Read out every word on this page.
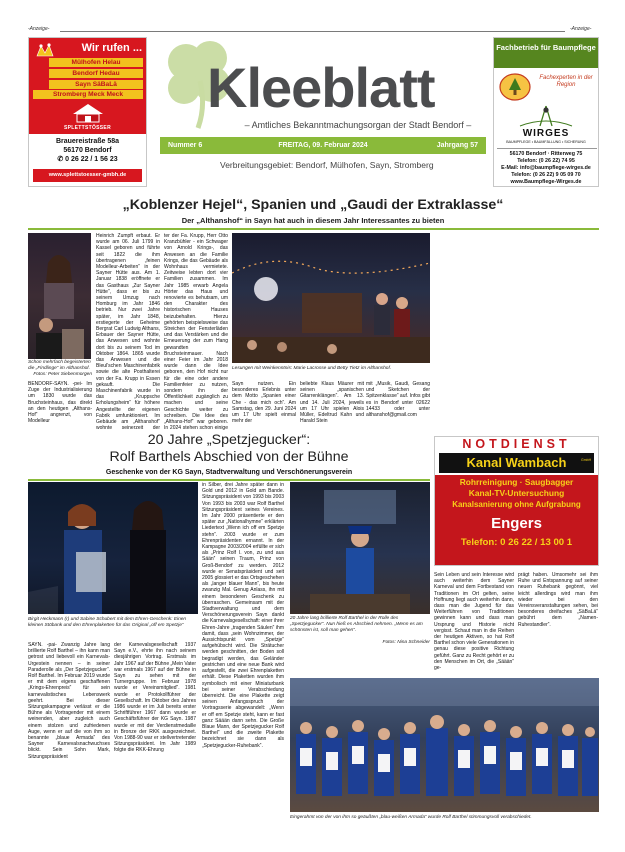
-Anzeige-	-Anzeige-
Wir rufen ...
Mülhofen Helau
Bendorf Hedau
Sayn SäBaLä
Stromberg Meck Meck
SPLETTSTÖSSER
Brauereistraße 58a
56170 Bendorf
✆ 0 26 22 / 1 56 23
www.splettstoesser-gmbh.de
Kleeblatt
– Amtliches Bekanntmachungsorgan der Stadt Bendorf –
Nummer 6	FREITAG, 09. Februar 2024	Jahrgang 57
Verbreitungsgebiet: Bendorf, Mülhofen, Sayn, Stromberg
Fachbetrieb für Baumpflege
Fachexperten in der Region
WIRGES
BAUMPFLEGE • BAUMFÄLLUNG • SICHERUNG
56170 Bendorf · Ritterweg 75
Telefon: (0 26 22) 74 95
E-Mail: info@baumpflege-wirges.de
Telefon: (0 26 22) 9 05 09 70
www.Baumpflege-Wirges.de
„Koblenzer Hejel“, Spanien und „Gaudi der Extraklasse“
Der „Althanshof“ in Sayn hat auch in diesem Jahr Interessantes zu bieten
Schon mehrfach begeisterten die „Findlinge“ im Althanshof.
Fotos: Peter Siebenmorgen
BENDORF-SAYN. -pei- Im Zuge der Industrialisierung um 1830 wurde das Bruchsteinhaus, das direkt an den heutigen „Althans-Hof“ angrenzt, von Modelleur
Heinrich Zumpft erbaut. Er wurde am 06. Juli 1799 in Kassel geboren und führte seit 1822 die ihm übertragenen „feinen Modelleur-Arbeiten“ in der Sayner Hütte aus. Am 1. Januar 1838 eröffnete er das Gasthaus „Zur Sayner Hütte“, dass er bis zu seinem Umzug nach Homburg im Jahr 1846 betrieb. Nur zwei Jahre später, im Jahr 1848, erstiegerte der Geheime Bergrat Carl Ludwig Althans, Erbauer der Sayner Hütte, das Anwesen und wohnte dort bis zu seinem Tod im Oktober 1864. 1865 wurde das Anwesen und die Bleul’schen Maschinenfabrik sowie die alte Posthalterei von der Fa. Krupp in Essen gekauft. Die Maschinenfabrik wurde in das „Kruppsche Erholungsheim“ für höhere Angestellte der eigenen Fabrik umfunktioniert. Im Gebäude am „Althanshof“ wohnte seinerzeit der
ter der Fa. Krupp, Herr Otto Kranzbühler - ein Schwager von Arnold Krings-, das Anwesen an die Familie Krings, die das Gebäude als Wohnhaus vermietete. Zeitweise lebten dort vier Familien zusammen. Im Jahr 1985 erwarb Angela Hörter das Haus und renovierte es behutsam, um den Charakter des historischen Hauses beizubehalten. Hierzu gehörten beispielsweise das Streichen der Fensterläden und das Verstärken und die Erneuerung der zum Hang gewandten Bruchsteinmauer. Nach einer Feier im Jahr 2018 wurde dann die Idee geboren, den Hof nicht nur für die eine oder andere Familienfeier zu nutzen, sondern ihn der Öffentlichkeit zugänglich zu machen und seine Geschichte weiter zu schreiben. Die Idee des „Althans-Hof“ war geboren. In 2024 stehen schon einige
Lesungen mit Weinkenntnis: Marie Lacrosse und Betty Tietz im Althanshof.
Sayn nutzen. Ein besonderes Erlebnis unter dem Motto „Spanien einer Che - das mich och“. Am Samstag, den 29. Juni 2024 um 17 Uhr spielt einmal mehr der
beliebte Klaus Mäurer mit seinen „spanischen Gitarrenklängen“. Am 13. und 14. Juli 2024, jeweils um 17 Uhr spielen Alois Müller, Edeltrud Kahn und Harald Stein
mit „Musik, Gaudi, Gesang und Sketchen der Spitzenklasse“ auf. Infos gibt es in Bendorf unter 02622 14433 oder unter althanshof@gmail.com
NOTDIENST
Kanal Wambach	GmbH
Rohrreinigung · Saugbagger
Kanal-TV-Untersuchung
Kanalsanierung ohne Aufgrabung
Engers
Telefon: 0 26 22 / 13 00 1
20 Jahre „Spetzjegucker“:
Rolf Barthels Abschied von der Bühne
Geschenke von der KG Sayn, Stadtverwaltung und Verschönerungsverein
Birgit Heckmann (r) und Sabine Schubert mit dem Ehren-Geschenk: Einen kleinen Stöbank und den Ehrenplaketten für das Original „off em Spetzje“
SAYN. -pai- Zwanzig Jahre lang brillierte Rolf Barthel – ihn kann man getrost und liebevoll ein Karnevals-Urgestein nennen – in seiner Paraderolle als „Der Spetzjegucker“. Rolf Barthel. Im Februar 2019 wurde er mit dem eigens geschaffenen „Krings-Ehrenpreis“ für sein karnevalistisches Lebenswerk geehrt. Bei dieser Sitzungskampagne verlässt er die Bühne als Vortragender mit einem weinenden, aber zugleich auch einem stolzen und zufriedenen Auge, wenn er auf die von ihm so benannte „blaue Armada“ des Sayner Karnevalsnachwuchses blickt. Sein Sohn Mark, Sitzungspräsident
der Karnevalsgesellschaft 1937 Sayn e.V., ehrte ihn nach seinem diesjährigen Vortrag. Erstmals im Jahr 1967 auf der Bühne „Mein Vater war erstmals 1967 auf der Bühne in Sayn zu sehen mit der Turnergruppe. Im Februar 1978 wurde er Vereinsmitglied“. 1981 wurde er Protokollführer der Gesellschaft. Im Oktober des Jahres 1986 wurde er im Juli bereits erster Schriftführer 1967 dann wurde er Geschäftsführer der KG Sayn. 1987 wurde er mit der Verdienstmedaille in Bronze der RKK ausgezeichnet. Von 1988-90 war er stellvertretender Sitzungspräsident. Im Jahr 1989 folgte die RKK-Ehrung
in Silber, drei Jahre später dann in Gold und 2012 in Gold am Bande. Sitzungspräsident von 1993 bis 2003 Von 1993 bis 2003 war Rolf Barthel Sitzungspräsident seines Vereines. Im Jahr 2000 präsentierte er den später zur „Nationalhymne“ erklärten Liedertext „Wenn ich off em Spetzje stehn“. 2003 wurde er zum Ehrenpräsidenten ernannt. In der Kampagne 2003/2004 erfüllte er sich als „Prinz Rolf I. von, zu und aus Säänˮ seinen Traum, Prinz von Groß-Bendorf zu werden. 2012 wurde er Senatspräsident und seit 2005 glossiert er das Ortsgeschehen als „langer blauer Mann“, bis heute zwanzig Mal. Genug Anlass, ihn mit einem besonderen Geschenk zu überraschen. Gemeinsam mit der Stadtverwaltung und dem Verschönerungsverein Sayn dankt die Karnevalsgesellschaft: einer ihrer Ehren-Jahre „tragenden Säulen“ ihm damit, dass „sein Wohnzimmer, der Aussichtspunkt vom „Spetzje“ aufgehübscht wird. Die Strätucher werden geschnitten, der Boden soll begradigt werden, das Geländer gestrichen und eine neue Bank wird aufgestellt, die zwei Ehrenplaketten erhält. Diese Plaketten wurden ihm symbolisch mit einer Miniaturbank bei seiner Verabschiedung überreicht. Die eine Plakette zeigt seinen Anfangsspruch der Vortragsserie abgewandelt: „Wenn er off em Spetzje steht, kann er fast ganz Säään dann sehn. Die Große Blaue Mann, der Spetzjegucker Rolf Barthel“ und die zweite Plakette bezeichnet sie dann als „Spetzjegucker-Ruhebank“.
20 Jahre lang brillierte Rolf Barthel in der Rolle des „Spetzjegucker“. Nun hieß es Abschied nehmen. „Wenn es am schönsten ist, soll man gehen“.
Fotos: Nina Schneider
Sein Leben und sein Interesse wird auch weiterhin dem Sayner Karneval und dem Fortbestand von Traditionen im Ort gelten, seine Hoffnung liegt auch weiterhin dann, dass man die Jugend für das Weiterführen von Traditionen gewinnen kann und dass man Ursprung und Historie nicht vergisst. Schaut man in die Reihen der heutigen Aktiven, so hat Rolf Barthel schon viele Generationen in genau diese positive Richtung geführt. Ganz zu Recht gehört er zu den Menschen im Ort, die „Säään“ ge-
prägt haben. Umsomehr sei ihm Ruhe und Entspannung auf seiner neuen Ruhebank gegönnt, viel leicht allerdings wird man ihm wieder bei den Vereinsveranstaltungen sehen, bei besonderes dreifaches „SäBaLä“ gebührt dem „Namen-Ruhestandler“.
Eingerahmt von der von ihm so geäußten „blau-weißen Armada“ wurde Rolf Barthel stimmungsvoll verabschiedet.
